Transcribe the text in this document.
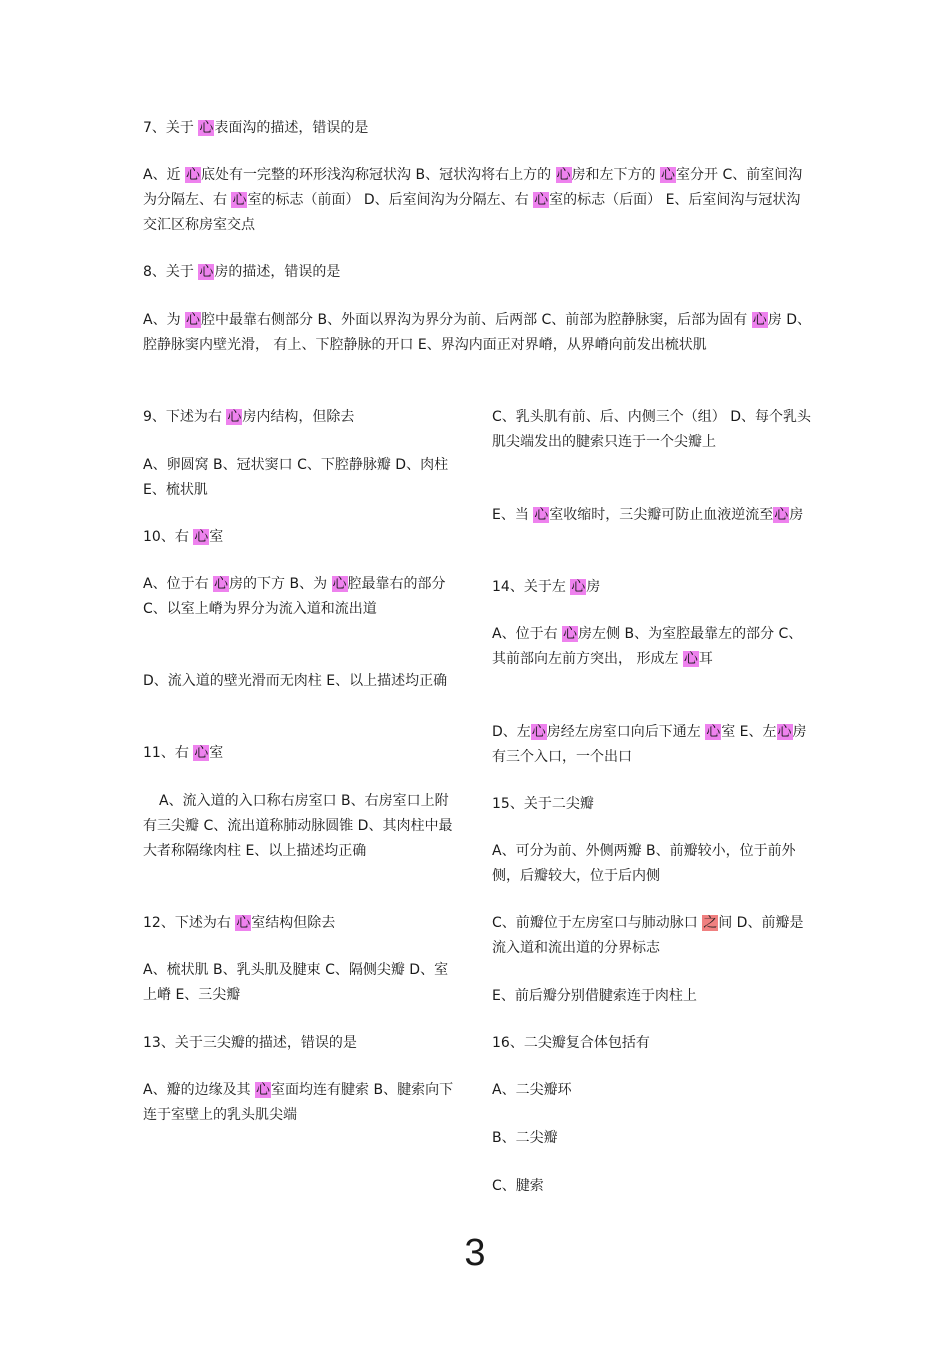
7、关于 心表面沟的描述，错误的是

A、近 心底处有一完整的环形浅沟称冠状沟 B、冠状沟将右上方的 心房和左下方的 心室分开 C、前室间沟为分隔左、右 心室的标志（前面） D、后室间沟为分隔左、右 心室的标志（后面） E、后室间沟与冠状沟交汇区称房室交点

8、关于 心房的描述，错误的是

A、为 心腔中最靠右侧部分 B、外面以界沟为界分为前、后两部 C、前部为腔静脉窦，后部为固有 心房 D、腔静脉窦内壁光滑， 有上、下腔静脉的开口 E、界沟内面正对界嵴，从界嵴向前发出梳状肌

9、下述为右 心房内结构，但除去

A、卵圆窝 B、冠状窦口 C、下腔静脉瓣 D、肉柱 E、梳状肌

10、右 心室

A、位于右 心房的下方 B、为 心腔最靠右的部分 C、以室上嵴为界分为流入道和流出道

D、流入道的壁光滑而无肉柱 E、以上描述均正确

11、右 心室

A、流入道的入口称右房室口 B、右房室口上附有三尖瓣 C、流出道称肺动脉圆锥 D、其肉柱中最大者称隔缘肉柱 E、以上描述均正确

12、下述为右 心室结构但除去

A、梳状肌 B、乳头肌及腱束 C、隔侧尖瓣 D、室上嵴 E、三尖瓣

13、关于三尖瓣的描述，错误的是

A、瓣的边缘及其 心室面均连有腱索 B、腱索向下连于室壁上的乳头肌尖端

C、乳头肌有前、后、内侧三个（组） D、每个乳头肌尖端发出的腱索只连于一个尖瓣上

E、当 心室收缩时，三尖瓣可防止血液逆流至心房

14、关于左 心房

A、位于右 心房左侧 B、为室腔最靠左的部分 C、其前部向左前方突出， 形成左 心耳

D、左心房经左房室口向后下通左 心室 E、左心房有三个入口，一个出口

15、关于二尖瓣

A、可分为前、外侧两瓣 B、前瓣较小，位于前外侧，后瓣较大，位于后内侧

C、前瓣位于左房室口与肺动脉口 之间 D、前瓣是流入道和流出道的分界标志

E、前后瓣分别借腱索连于肉柱上

16、二尖瓣复合体包括有

A、二尖瓣环

B、二尖瓣

C、腱索

3
